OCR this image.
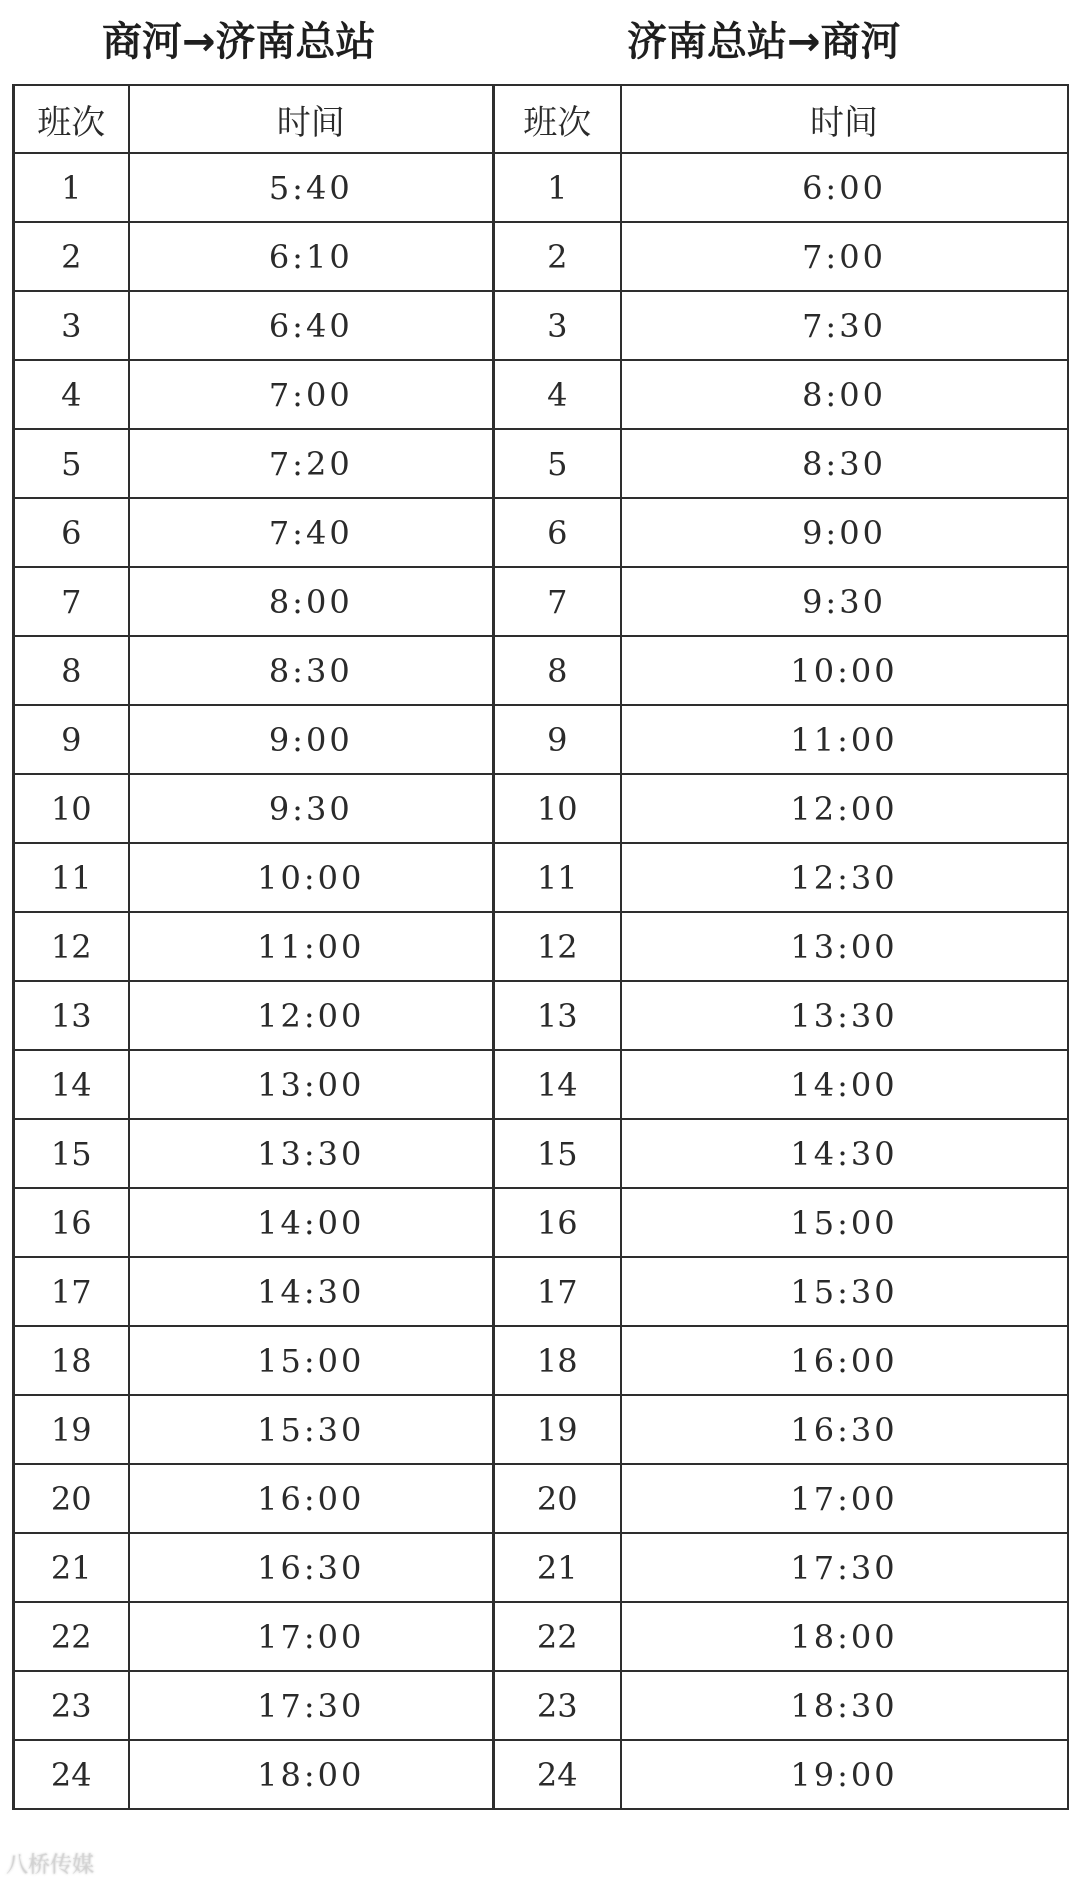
商河→济南总站	济南总站→商河
班次	时间	班次	时间
1	5:40	1	6:00
2	6:10	2	7:00
3	6:40	3	7:30
4	7:00	4	8:00
5	7:20	5	8:30
6	7:40	6	9:00
7	8:00	7	9:30
8	8:30	8	10:00
9	9:00	9	11:00
10	9:30	10	12:00
11	10:00	11	12:30
12	11:00	12	13:00
13	12:00	13	13:30
14	13:00	14	14:00
15	13:30	15	14:30
16	14:00	16	15:00
17	14:30	17	15:30
18	15:00	18	16:00
19	15:30	19	16:30
20	16:00	20	17:00
21	16:30	21	17:30
22	17:00	22	18:00
23	17:30	23	18:30
24	18:00	24	19:00
八桥传媒
